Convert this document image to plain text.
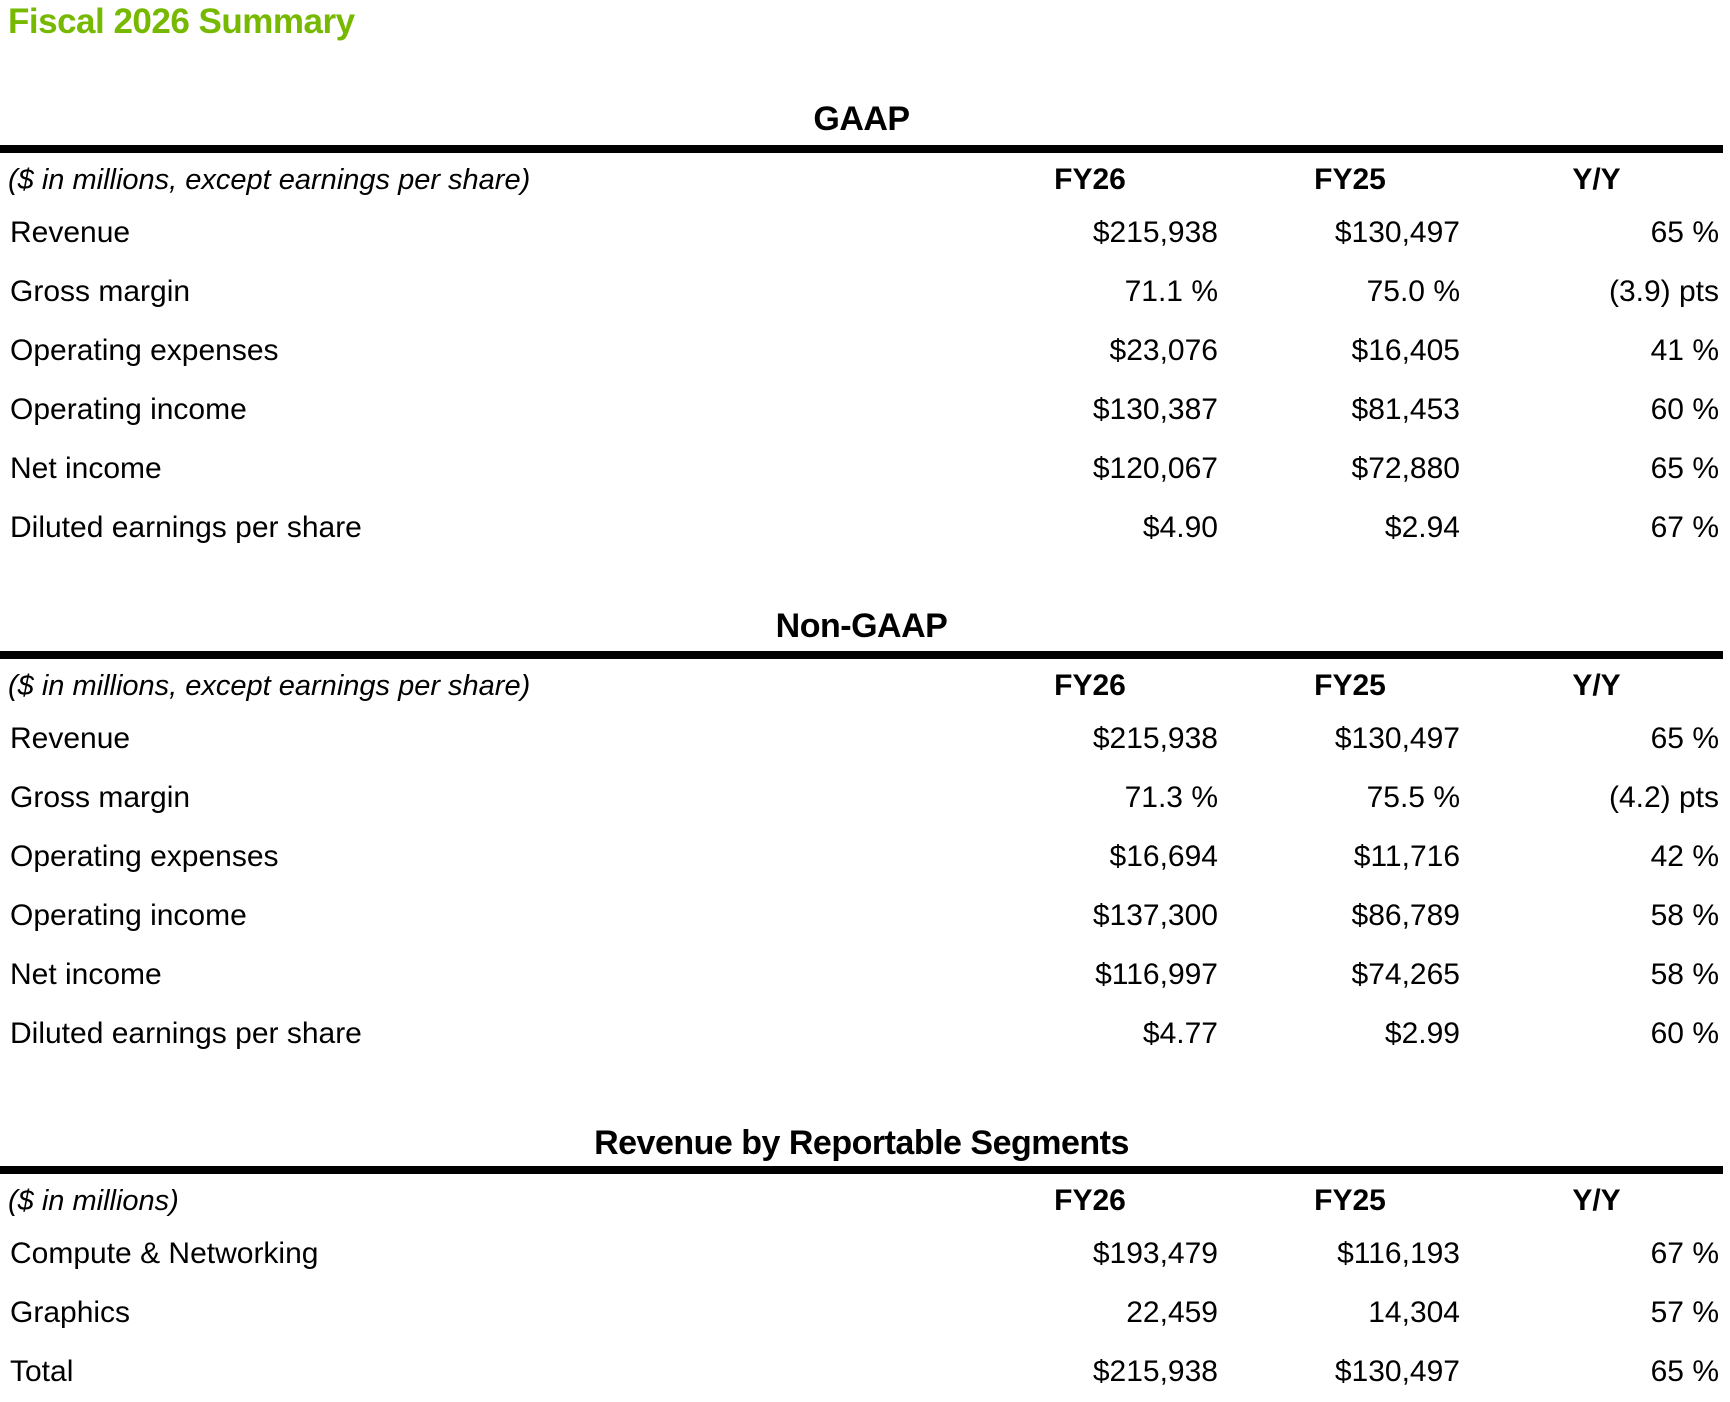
Fiscal 2026 Summary
GAAP
($ in millions, except earnings per share)	FY26	FY25	Y/Y
Revenue	$215,938	$130,497	65 %
Gross margin	71.1 %	75.0 %	(3.9) pts
Operating expenses	$23,076	$16,405	41 %
Operating income	$130,387	$81,453	60 %
Net income	$120,067	$72,880	65 %
Diluted earnings per share	$4.90	$2.94	67 %
Non-GAAP
($ in millions, except earnings per share)	FY26	FY25	Y/Y
Revenue	$215,938	$130,497	65 %
Gross margin	71.3 %	75.5 %	(4.2) pts
Operating expenses	$16,694	$11,716	42 %
Operating income	$137,300	$86,789	58 %
Net income	$116,997	$74,265	58 %
Diluted earnings per share	$4.77	$2.99	60 %
Revenue by Reportable Segments
($ in millions)	FY26	FY25	Y/Y
Compute & Networking	$193,479	$116,193	67 %
Graphics	22,459	14,304	57 %
Total	$215,938	$130,497	65 %
